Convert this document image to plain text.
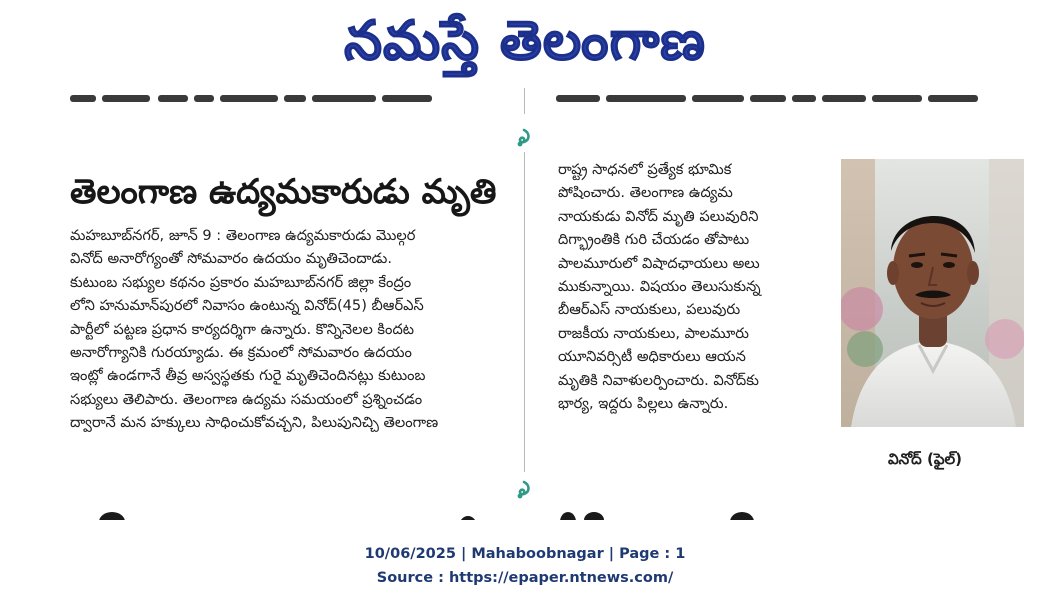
నమస్తే తెలంగాణ
తెలంగాణ ఉద్యమకారుడు మృతి

మహబూబ్‌నగర్, జూన్ 9 : తెలంగాణ ఉద్యమకారుడు మొల్గర

వినోద్ అనారోగ్యంతో సోమవారం ఉదయం మృతిచెందాడు.

కుటుంబ సభ్యుల కథనం ప్రకారం మహబూబ్‌నగర్ జిల్లా కేంద్రం

లోని హనుమాన్‌పురలో నివాసం ఉంటున్న వినోద్(45) బీఆర్ఎస్

పార్టీలో పట్టణ ప్రధాన కార్యదర్శిగా ఉన్నారు. కొన్నినెలల కిందట

అనారోగ్యానికి గురయ్యాడు. ఈ క్రమంలో సోమవారం ఉదయం

ఇంట్లో ఉండగానే తీవ్ర అస్వస్థతకు గురై మృతిచెందినట్లు కుటుంబ

సభ్యులు తెలిపారు. తెలంగాణ ఉద్యమ సమయంలో ప్రశ్నించడం

ద్వారానే మన హక్కులు సాధించుకోవచ్చని, పిలుపునిచ్చి తెలంగాణ

రాష్ట్ర సాధనలో ప్రత్యేక భూమిక

పోషించారు. తెలంగాణ ఉద్యమ

నాయకుడు వినోద్ మృతి పలువురిని

దిగ్భ్రాంతికి గురి చేయడం తోపాటు

పాలమూరులో విషాదఛాయలు అలు

ముకున్నాయి. విషయం తెలుసుకున్న

బీఆర్ఎస్ నాయకులు, పలువురు

రాజకీయ నాయకులు, పాలమూరు

యూనివర్సిటీ అధికారులు ఆయన

మృతికి నివాళులర్పించారు. వినోద్‌కు

భార్య, ఇద్దరు పిల్లలు ఉన్నారు.

వినోద్ (ఫైల్)
10/06/2025 | Mahaboobnagar | Page : 1
Source : https://epaper.ntnews.com/
